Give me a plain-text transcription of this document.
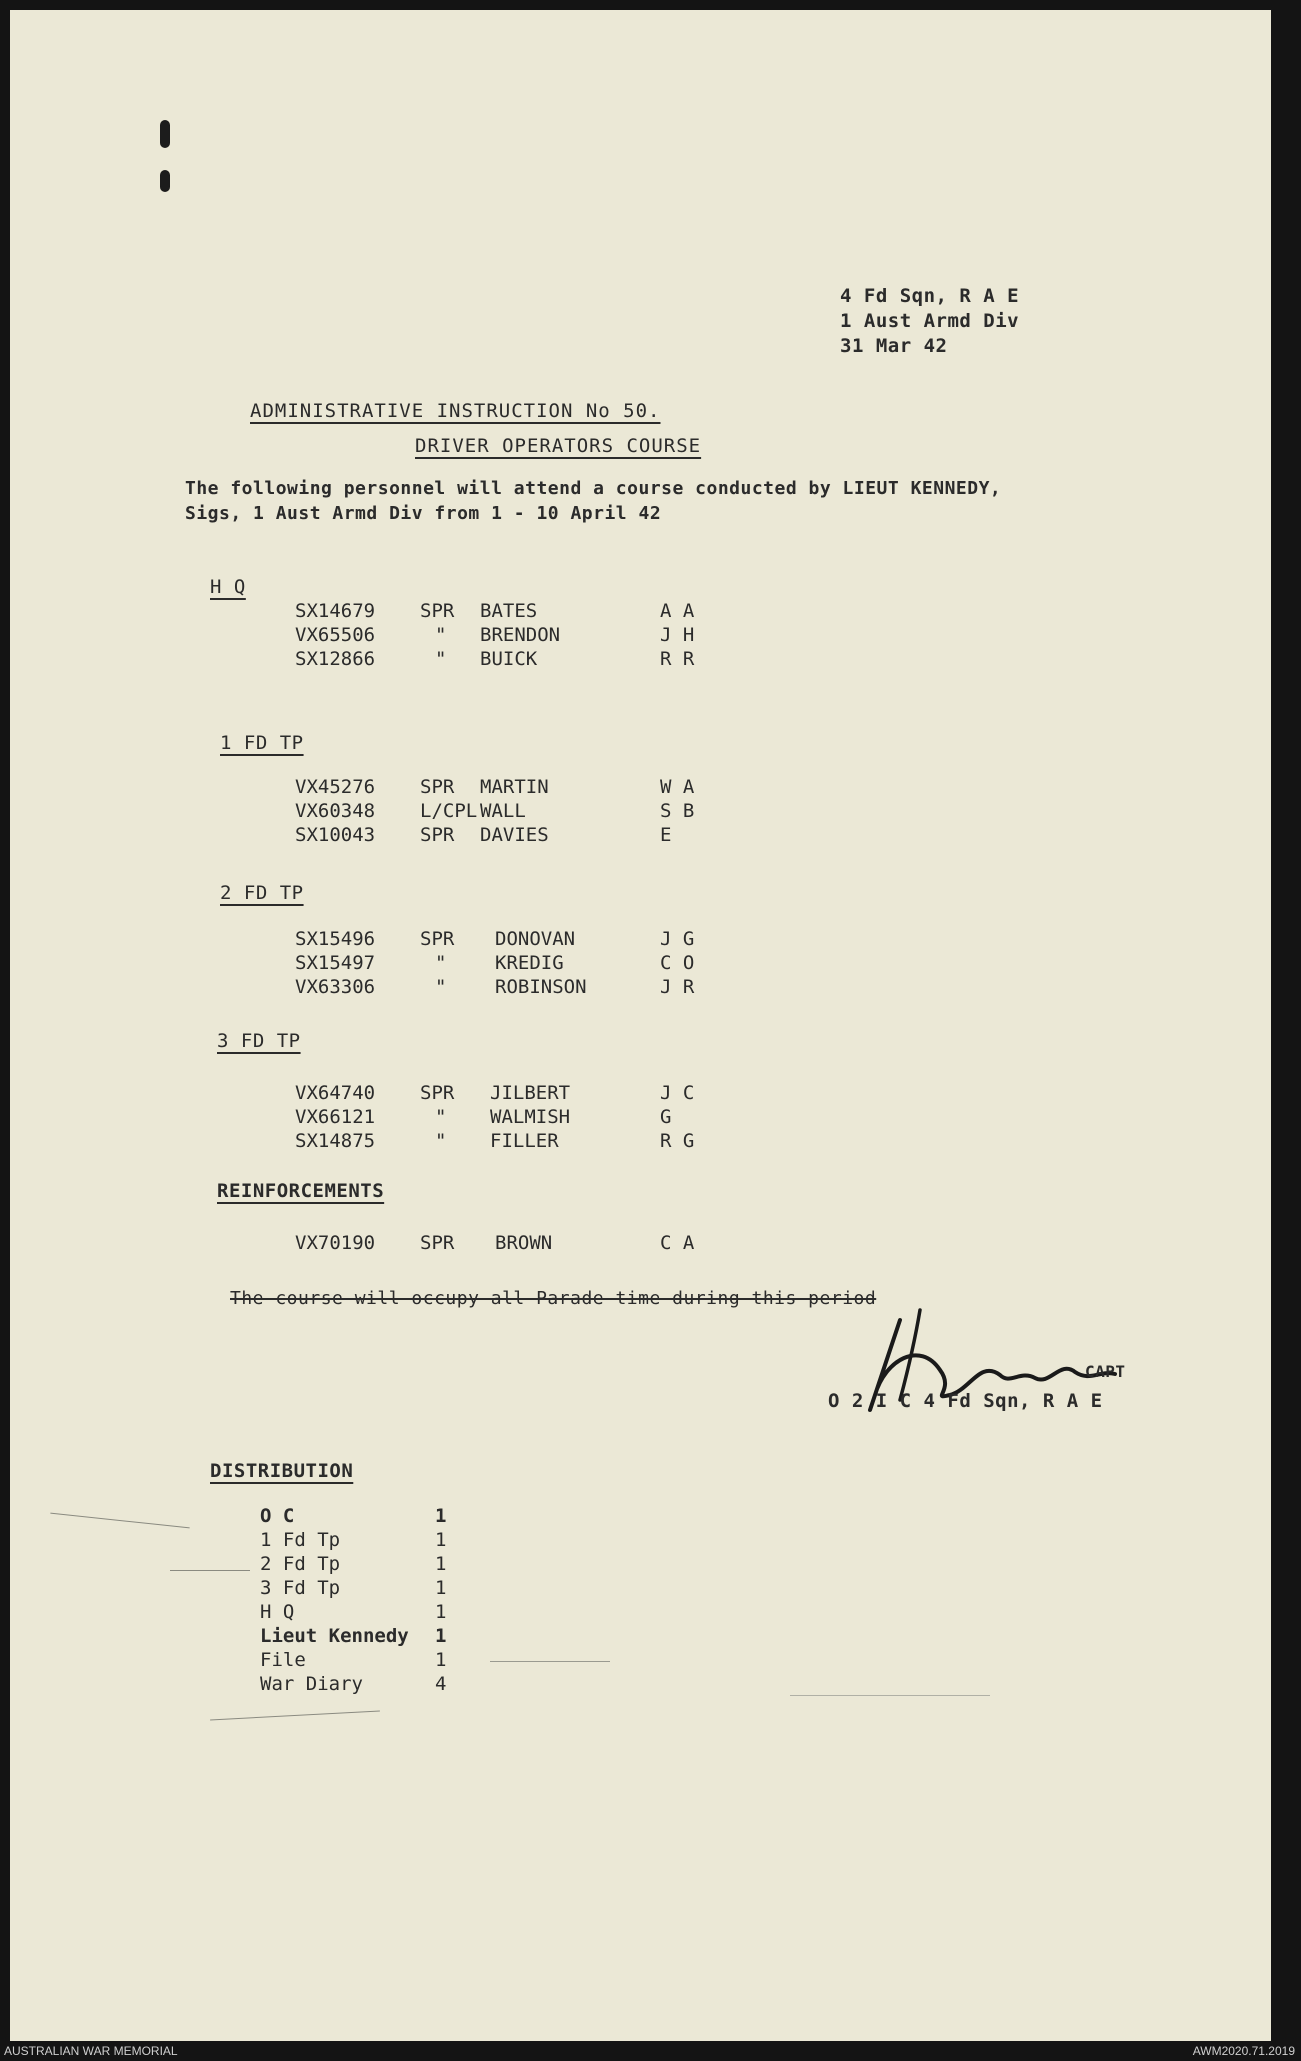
4 Fd Sqn, R A E
1 Aust Armd Div
31 Mar 42
ADMINISTRATIVE INSTRUCTION No 50.
DRIVER OPERATORS COURSE
The following personnel will attend a course conducted by LIEUT KENNEDY,
Sigs, 1 Aust Armd Div from 1 - 10 April 42
H Q
SX14679 SPR BATES	A A
VX65506	" BRENDON	J H
SX12866	" BUICK	R R
1 FD TP
VX45276 SPR MARTIN	W A
VX60348 L/CPL WALL	S B
SX10043 SPR DAVIES	E
2 FD TP
SX15496 SPR DONOVAN	J G
SX15497	"	KREDIG	C O
VX63306	"	ROBINSON	J R
3 FD TP
VX64740 SPR JILBERT	J C
VX66121	" WALMISH	G
SX14875	" FILLER	R G
REINFORCEMENTS
VX70190 SPR BROWN	C A
The course will occupy all Parade time during this period
CAPT
O 2 I C 4 Fd Sqn, R A E
DISTRIBUTION
O C	1
1 Fd Tp	1
2 Fd Tp	1
3 Fd Tp	1
H Q	1
Lieut Kennedy 1
File	1
War Diary	4
AUSTRALIAN WAR MEMORIAL	AWM2020.71.2019
